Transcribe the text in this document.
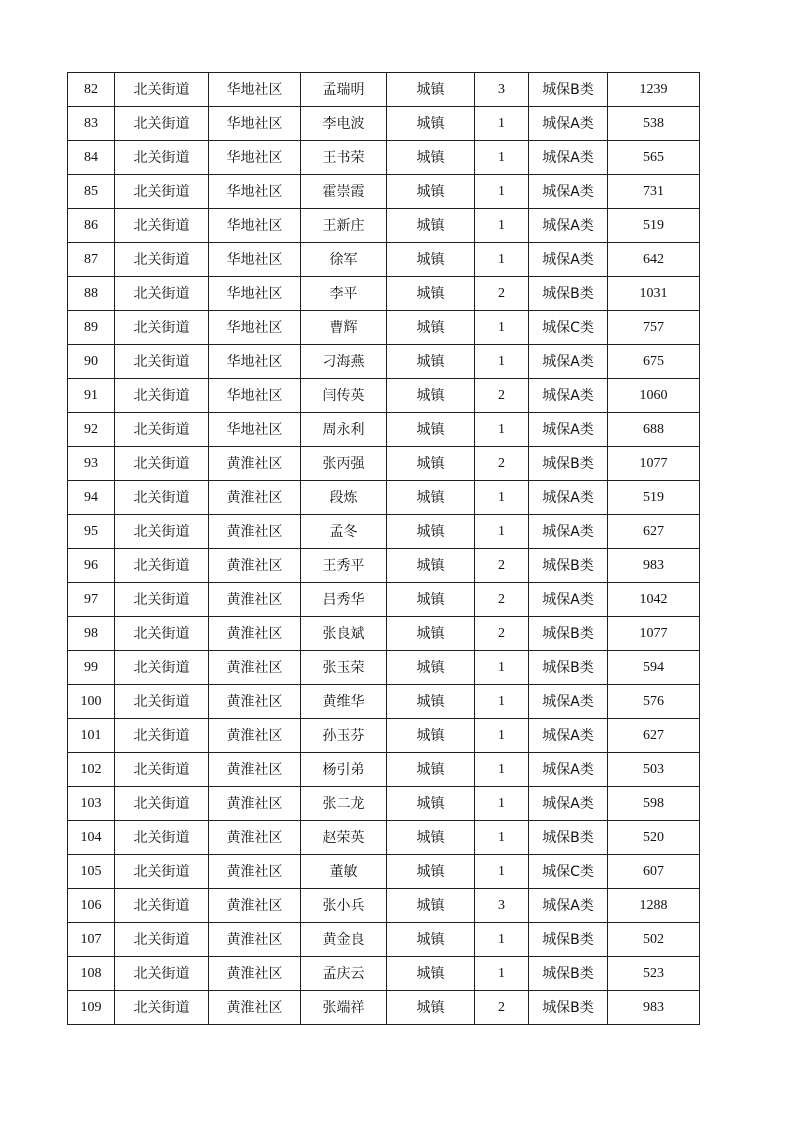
82	北关街道	华地社区	孟瑞明	城镇	3	城保B类	1239
83	北关街道	华地社区	李电波	城镇	1	城保A类	538
84	北关街道	华地社区	王书荣	城镇	1	城保A类	565
85	北关街道	华地社区	霍崇霞	城镇	1	城保A类	731
86	北关街道	华地社区	王新庄	城镇	1	城保A类	519
87	北关街道	华地社区	徐军	城镇	1	城保A类	642
88	北关街道	华地社区	李平	城镇	2	城保B类	1031
89	北关街道	华地社区	曹辉	城镇	1	城保C类	757
90	北关街道	华地社区	刁海燕	城镇	1	城保A类	675
91	北关街道	华地社区	闫传英	城镇	2	城保A类	1060
92	北关街道	华地社区	周永利	城镇	1	城保A类	688
93	北关街道	黄淮社区	张丙强	城镇	2	城保B类	1077
94	北关街道	黄淮社区	段炼	城镇	1	城保A类	519
95	北关街道	黄淮社区	孟冬	城镇	1	城保A类	627
96	北关街道	黄淮社区	王秀平	城镇	2	城保B类	983
97	北关街道	黄淮社区	吕秀华	城镇	2	城保A类	1042
98	北关街道	黄淮社区	张良斌	城镇	2	城保B类	1077
99	北关街道	黄淮社区	张玉荣	城镇	1	城保B类	594
100	北关街道	黄淮社区	黄维华	城镇	1	城保A类	576
101	北关街道	黄淮社区	孙玉芬	城镇	1	城保A类	627
102	北关街道	黄淮社区	杨引弟	城镇	1	城保A类	503
103	北关街道	黄淮社区	张二龙	城镇	1	城保A类	598
104	北关街道	黄淮社区	赵荣英	城镇	1	城保B类	520
105	北关街道	黄淮社区	董敏	城镇	1	城保C类	607
106	北关街道	黄淮社区	张小兵	城镇	3	城保A类	1288
107	北关街道	黄淮社区	黄金良	城镇	1	城保B类	502
108	北关街道	黄淮社区	孟庆云	城镇	1	城保B类	523
109	北关街道	黄淮社区	张端祥	城镇	2	城保B类	983
